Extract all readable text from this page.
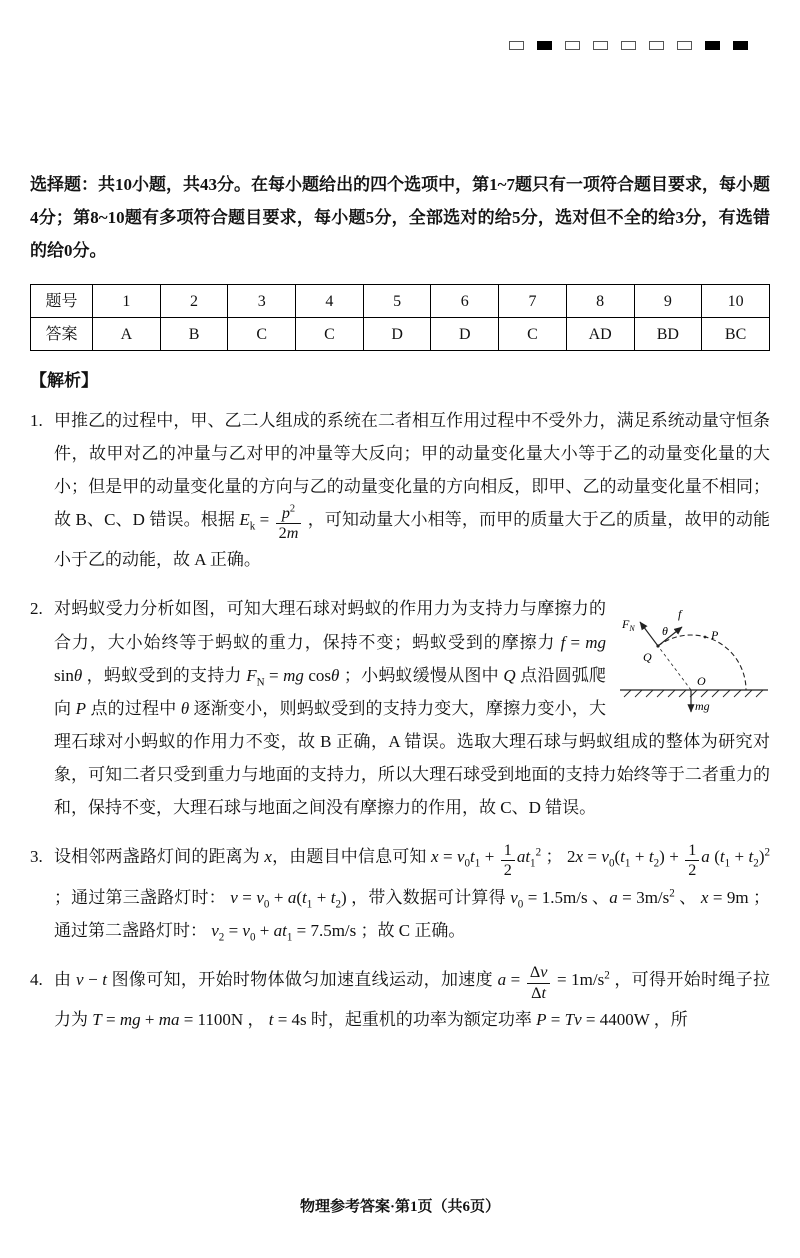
选择题：共10小题，共43分。在每小题给出的四个选项中，第1~7题只有一项符合题目要求，每小题4分；第8~10题有多项符合题目要求，每小题5分，全部选对的给5分，选对但不全的给3分，有选错的给0分。

题号	1	2	3	4	5	6	7	8	9	10
答案	A	B	C	C	D	D	C	AD	BD	BC

【解析】

1. 甲推乙的过程中，甲、乙二人组成的系统在二者相互作用过程中不受外力，满足系统动量守恒条件，故甲对乙的冲量与乙对甲的冲量等大反向；甲的动量变化量大小等于乙的动量变化量的大小；但是甲的动量变化量的方向与乙的动量变化量的方向相反，即甲、乙的动量变化量不相同；故 B、C、D 错误。根据 $E_k = \frac{p^2}{2m}$ ，可知动量大小相等，而甲的质量大于乙的质量，故甲的动能小于乙的动能，故 A 正确。
2.
$F_N$
f
θ	P
Q
O
mg
对蚂蚁受力分析如图，可知大理石球对蚂蚁的作用力为支持力与摩擦力的合力，大小始终等于蚂蚁的重力，保持不变；蚂蚁受到的摩擦力 f = mg sinθ ，蚂蚁受到的支持力 $F_N$ = mg cosθ ；小蚂蚁缓慢从图中 Q 点沿圆弧爬向 P 点的过程中 θ 逐渐变小，则蚂蚁受到的支持力变大，摩擦力变小，大理石球对小蚂蚁的作用力不变，故 B 正确，A 错误。选取大理石球与蚂蚁组成的整体为研究对象，可知二者只受到重力与地面的支持力，所以大理石球受到地面的支持力始终等于二者重力的和，保持不变，大理石球与地面之间没有摩擦力的作用，故 C、D 错误。
3. 设相邻两盏路灯间的距离为 x，由题目中信息可知 $x = v_0t_1 + \frac{1}{2} at_1^2$ ； $2x = v_0(t_1 + t_2) + \frac{1}{2}$ a $(t_1 + t_2)^2$ ；通过第三盏路灯时： $v = v_0 + a(t_1 + t_2)$ ，带入数据可计算得 $v_0 = 1.5m/s$ 、$a = 3m/s^2$ 、 x = 9m ；通过第二盏路灯时： $v_2 = v_0 + at_1 = 7.5m/s$ ；故 C 正确。
4. 由 v − t 图像可知，开始时物体做匀加速直线运动，加速度 $a = \frac{\Delta v}{\Delta t} = 1m/s^2$ ，可得开始时绳子拉力为 T = mg + ma = 1100N ， t = 4s 时，起重机的功率为额定功率 P = Tv = 4400W ，所
物理参考答案·第1页（共6页）
